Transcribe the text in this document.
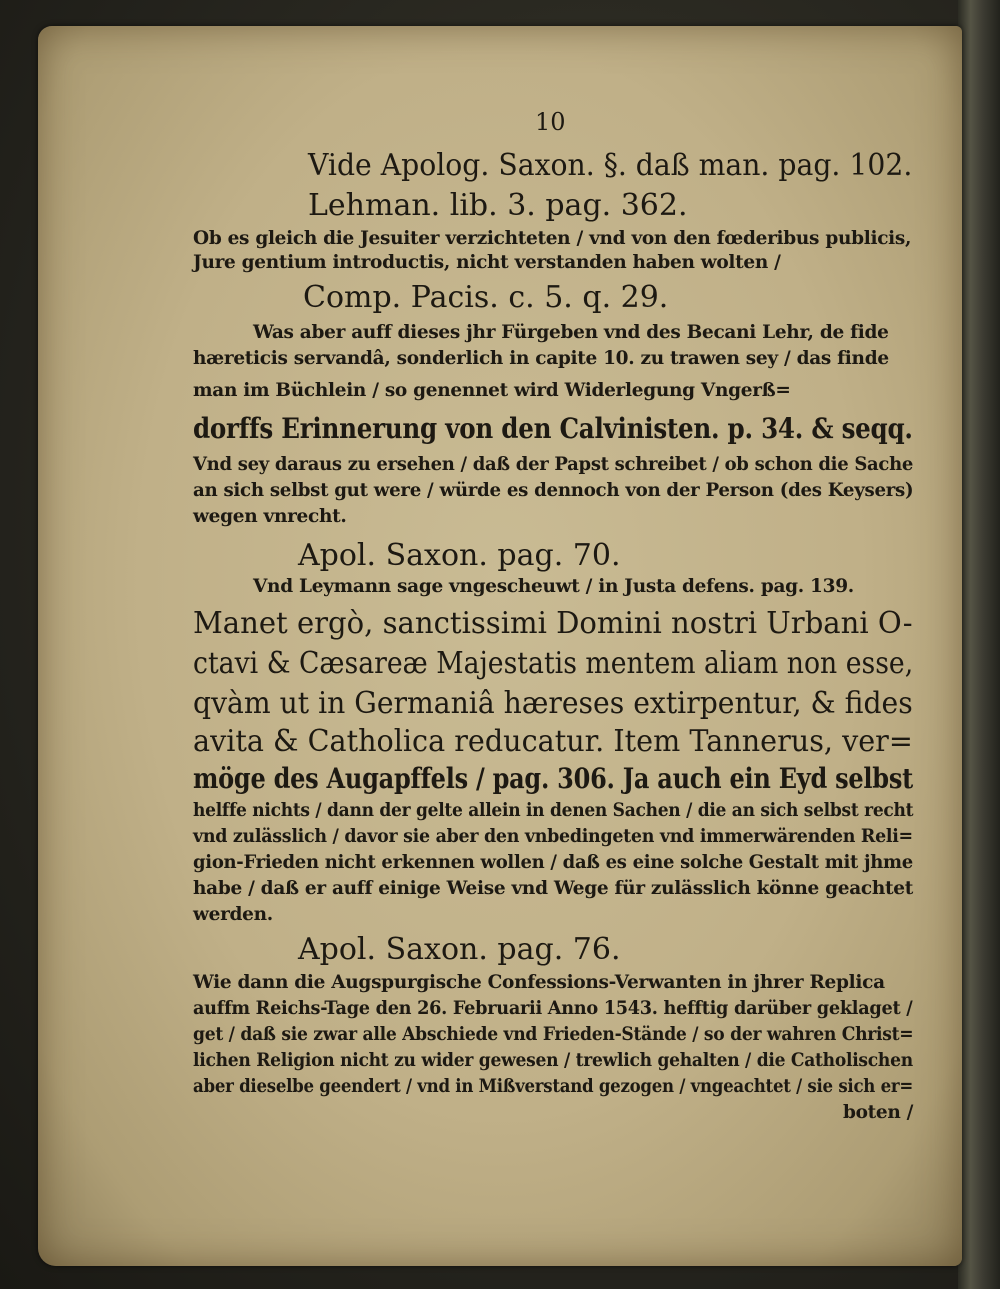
10
Vide Apolog. Saxon. §. daß man. pag. 102.
Lehman. lib. 3. pag. 362.
Ob es gleich die Jesuiter verzichteten / vnd von den fœderibus publicis,
Jure gentium introductis, nicht verstanden haben wolten /
Comp. Pacis. c. 5. q. 29.
Was aber auff dieses jhr Fürgeben vnd des Becani Lehr, de fide
hæreticis servandâ, sonderlich in capite 10. zu trawen sey / das finde
man im Büchlein / so genennet wird Widerlegung Vngerß=
dorffs Erinnerung von den Calvinisten. p. 34. & seqq.
Vnd sey daraus zu ersehen / daß der Papst schreibet / ob schon die Sache
an sich selbst gut were / würde es dennoch von der Person (des Keysers)
wegen vnrecht.
Apol. Saxon. pag. 70.
Vnd Leymann sage vngescheuwt / in Justa defens. pag. 139.
Manet ergò, sanctissimi Domini nostri Urbani O-
ctavi & Cæsareæ Majestatis mentem aliam non esse,
qvàm ut in Germaniâ hæreses extirpentur, & fides
avita & Catholica reducatur. Item Tannerus, ver=
möge des Augapffels / pag. 306. Ja auch ein Eyd selbst
helffe nichts / dann der gelte allein in denen Sachen / die an sich selbst recht
vnd zulässlich / davor sie aber den vnbedingeten vnd immerwärenden Reli=
gion-Frieden nicht erkennen wollen / daß es eine solche Gestalt mit jhme
habe / daß er auff einige Weise vnd Wege für zulässlich könne geachtet
werden.
Apol. Saxon. pag. 76.
Wie dann die Augspurgische Confessions-Verwanten in jhrer Replica
auffm Reichs-Tage den 26. Februarii Anno 1543. hefftig darüber geklaget /
get / daß sie zwar alle Abschiede vnd Frieden-Stände / so der wahren Christ=
lichen Religion nicht zu wider gewesen / trewlich gehalten / die Catholischen
aber dieselbe geendert / vnd in Mißverstand gezogen / vngeachtet / sie sich er=
boten /
